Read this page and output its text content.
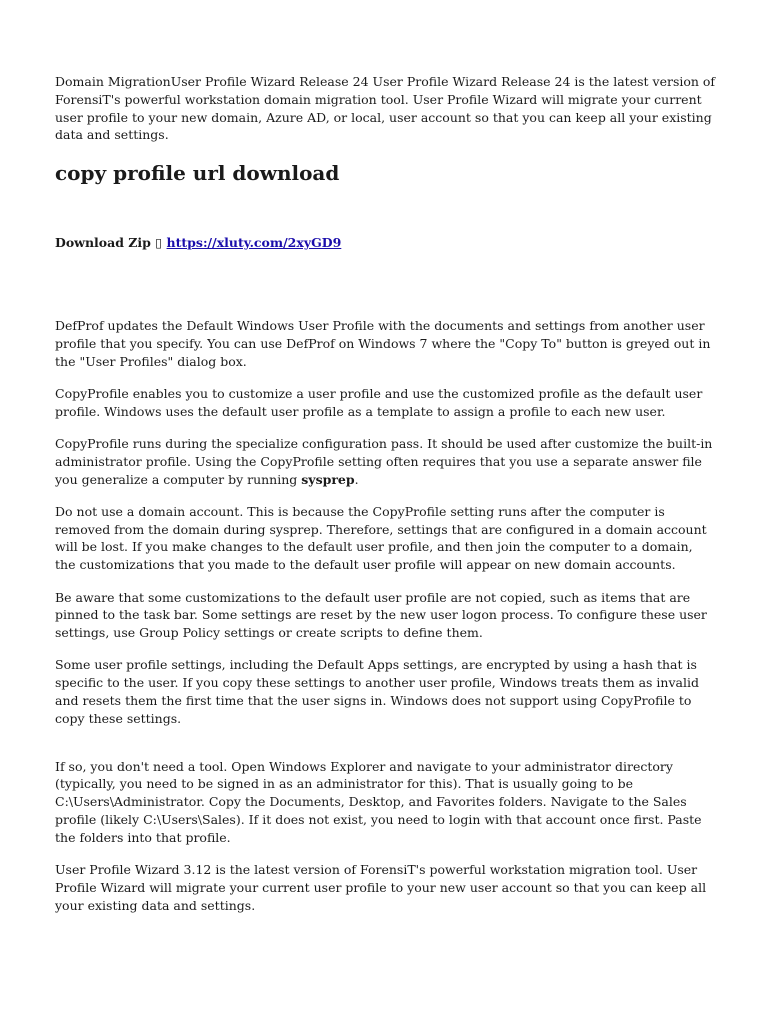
Domain MigrationUser Profile Wizard Release 24 User Profile Wizard Release 24 is the latest version of ForensiT's powerful workstation domain migration tool. User Profile Wizard will migrate your current user profile to your new domain, Azure AD, or local, user account so that you can keep all your existing data and settings.

copy profile url download
Download Zip ▯ https://xluty.com/2xyGD9

DefProf updates the Default Windows User Profile with the documents and settings from another user profile that you specify. You can use DefProf on Windows 7 where the "Copy To" button is greyed out in the "User Profiles" dialog box.

CopyProfile enables you to customize a user profile and use the customized profile as the default user profile. Windows uses the default user profile as a template to assign a profile to each new user.

CopyProfile runs during the specialize configuration pass. It should be used after customize the built-in administrator profile. Using the CopyProfile setting often requires that you use a separate answer file you generalize a computer by running sysprep.

Do not use a domain account. This is because the CopyProfile setting runs after the computer is removed from the domain during sysprep. Therefore, settings that are configured in a domain account will be lost. If you make changes to the default user profile, and then join the computer to a domain, the customizations that you made to the default user profile will appear on new domain accounts.

Be aware that some customizations to the default user profile are not copied, such as items that are pinned to the task bar. Some settings are reset by the new user logon process. To configure these user settings, use Group Policy settings or create scripts to define them.

Some user profile settings, including the Default Apps settings, are encrypted by using a hash that is specific to the user. If you copy these settings to another user profile, Windows treats them as invalid and resets them the first time that the user signs in. Windows does not support using CopyProfile to copy these settings.

If so, you don't need a tool. Open Windows Explorer and navigate to your administrator directory (typically, you need to be signed in as an administrator for this). That is usually going to be C:\Users\Administrator. Copy the Documents, Desktop, and Favorites folders. Navigate to the Sales profile (likely C:\Users\Sales). If it does not exist, you need to login with that account once first. Paste the folders into that profile.

User Profile Wizard 3.12 is the latest version of ForensiT's powerful workstation migration tool. User Profile Wizard will migrate your current user profile to your new user account so that you can keep all your existing data and settings.
